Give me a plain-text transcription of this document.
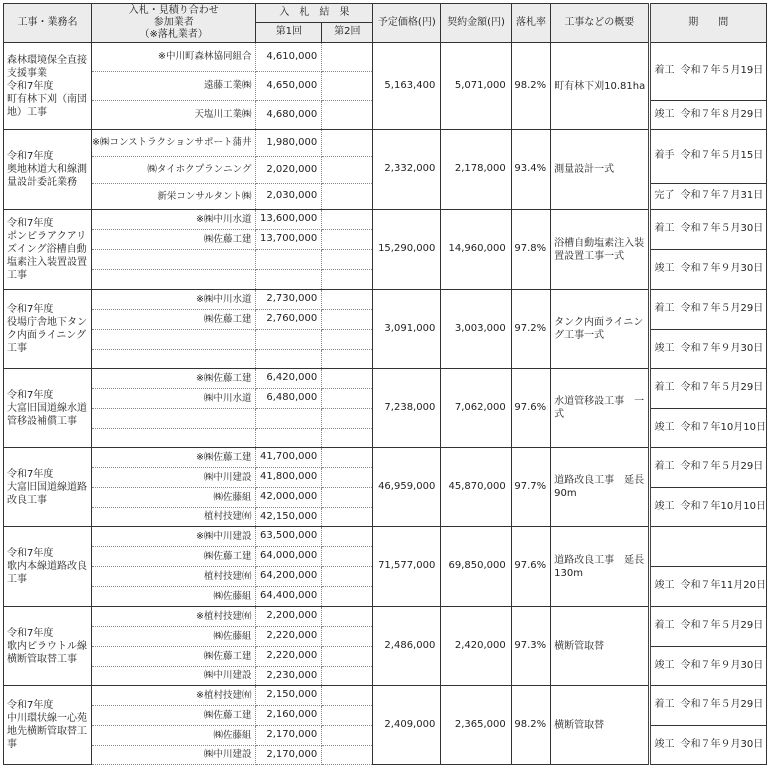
工事・業務名	入札・見積り合わせ
参加業者
（※落札業者）	入　札　結　果		予定価格(円)	契約金額(円)	落札率	工事などの概要	期　　間
		第1回	第2回					

森林環境保全直接支援事業
令和7年度
町有林下刈（南団地）工事	※中川町森林協同組合	4,610,000		5,163,400	5,071,000	98.2%	町有林下刈10.81ha	着工 令和７年５月19日
	遠藤工業㈱	4,650,000						
	天塩川工業㈱	4,680,000						竣工 令和７年８月29日

令和7年度
奥地林道大和線測量設計委託業務	※㈱コンストラクションサポート蒲井	1,980,000		2,332,000	2,178,000	93.4%	測量設計一式	着手 令和７年５月15日
	㈱タイホクプランニング	2,020,000						
	新栄コンサルタント㈱	2,030,000						完了 令和７年７月31日

令和7年度
ポンピラアクアリズイング浴槽自動塩素注入装置設置工事	※㈱中川水道	13,600,000		15,290,000	14,960,000	97.8%	浴槽自動塩素注入装置設置工事一式	着工 令和７年５月30日
	㈱佐藤工建	13,700,000						
								竣工 令和７年９月30日

令和7年度
役場庁舎地下タンク内面ライニング工事	※㈱中川水道	2,730,000		3,091,000	3,003,000	97.2%	タンク内面ライニング工事一式	着工 令和７年５月29日
	㈱佐藤工建	2,760,000						
								竣工 令和７年９月30日

令和7年度
大富旧国道線水道管移設補償工事	※㈱佐藤工建	6,420,000		7,238,000	7,062,000	97.6%	水道管移設工事　一式	着工 令和７年５月29日
	㈱中川水道	6,480,000						
								竣工 令和７年10月10日

令和7年度
大富旧国道線道路改良工事	※㈱佐藤工建	41,700,000		46,959,000	45,870,000	97.7%	道路改良工事　延長90m	着工 令和７年５月29日
	㈱中川建設	41,800,000						
	㈱佐藤組	42,000,000						竣工 令和７年10月10日
	植村技建㈲	42,150,000						

令和7年度
歌内本線道路改良工事	※㈱中川建設	63,500,000		71,577,000	69,850,000	97.6%	道路改良工事　延長130m	
	㈱佐藤工建	64,000,000						
	植村技建㈲	64,200,000						竣工 令和７年11月20日
	㈱佐藤組	64,400,000						

令和7年度
歌内ピラウトル線横断管取替工事	※植村技建㈲	2,200,000		2,486,000	2,420,000	97.3%	横断管取替	着工 令和７年５月29日
	㈱佐藤組	2,220,000						
	㈱佐藤工建	2,220,000						竣工 令和７年９月30日
	㈱中川建設	2,230,000						

令和7年度
中川環状線一心苑地先横断管取替工事	※植村技建㈲	2,150,000		2,409,000	2,365,000	98.2%	横断管取替	着工 令和７年５月29日
	㈱佐藤工建	2,160,000						
	㈱佐藤組	2,170,000						竣工 令和７年９月30日
	㈱中川建設	2,170,000						
